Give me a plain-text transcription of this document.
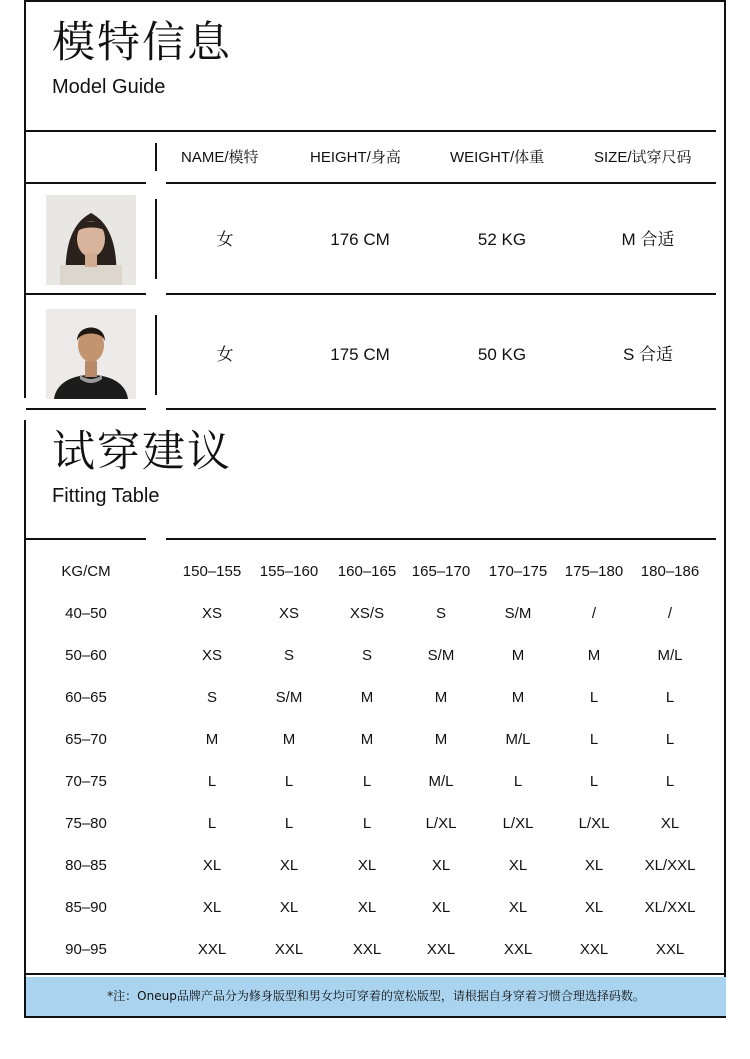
模特信息
Model Guide
NAME/模特	HEIGHT/身高	WEIGHT/体重	SIZE/试穿尺码
女	176 CM	52 KG	M 合适
女	175 CM	50 KG	S 合适
试穿建议
Fitting Table
KG/CM	150–155 155–160 160–165 165–170 170–175 175–180 180–186
40–50	XS	XS	XS/S	S	S/M	/	/
50–60	XS	S	S	S/M	M	M	M/L
60–65	S	S/M	M	M	M	L	L
65–70	M	M	M	M	M/L	L	L
70–75	L	L	L	M/L	L	L	L
75–80	L	L	L	L/XL	L/XL	L/XL	XL
80–85	XL	XL	XL	XL	XL	XL	XL/XXL
85–90	XL	XL	XL	XL	XL	XL	XL/XXL
90–95	XXL	XXL	XXL	XXL	XXL	XXL	XXL
*注：Oneup品牌产品分为修身版型和男女均可穿着的宽松版型，请根据自身穿着习惯合理选择码数。
